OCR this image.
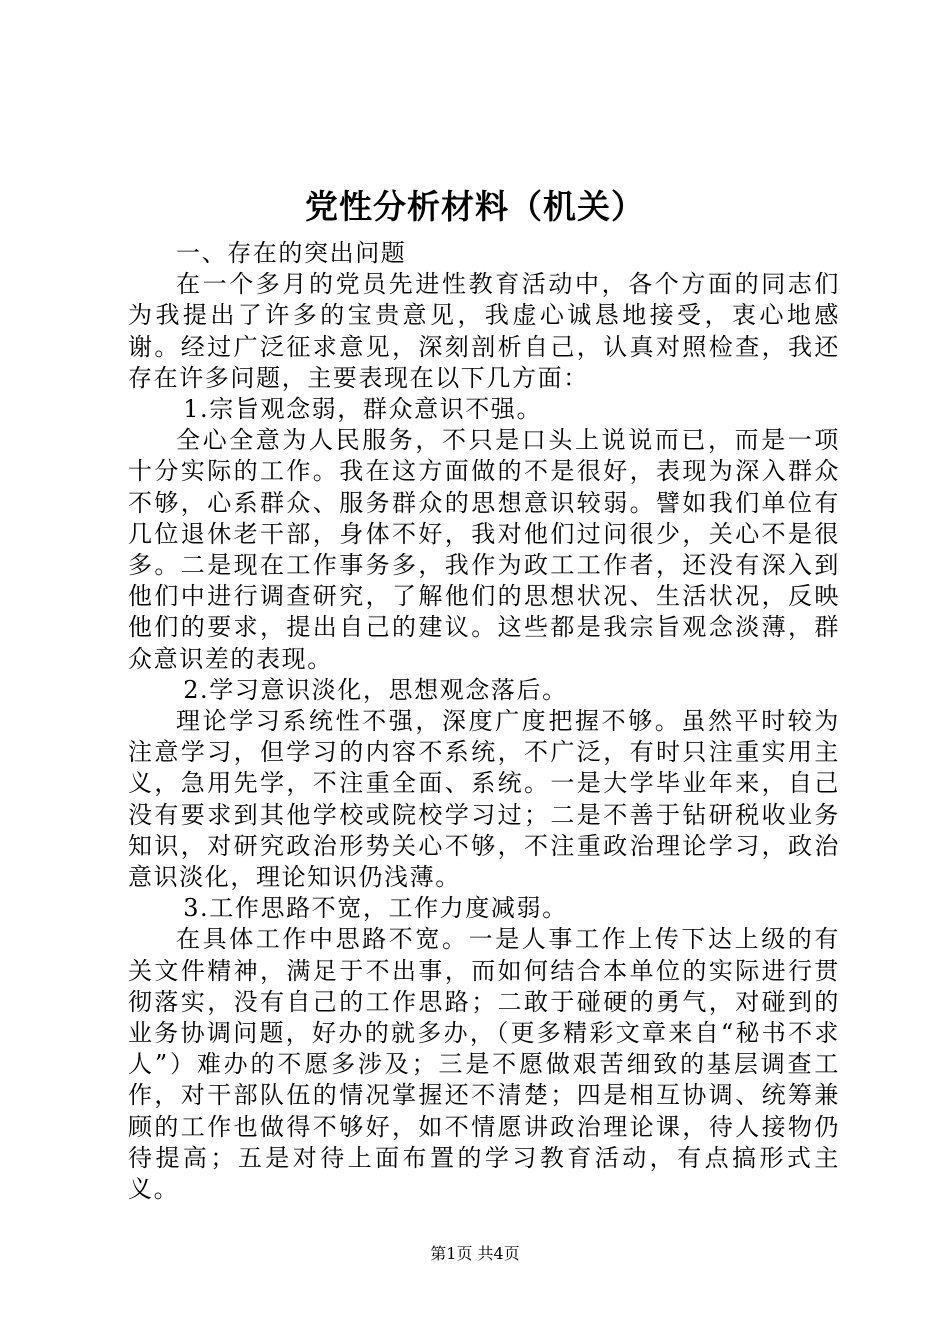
党性分析材料（机关）

一、存在的突出问题

在一个多月的党员先进性教育活动中，各个方面的同志们为我提出了许多的宝贵意见，我虚心诚恳地接受，衷心地感谢。经过广泛征求意见，深刻剖析自己，认真对照检查，我还存在许多问题，主要表现在以下几方面：

1.宗旨观念弱，群众意识不强。

全心全意为人民服务，不只是口头上说说而已，而是一项十分实际的工作。我在这方面做的不是很好，表现为深入群众不够，心系群众、服务群众的思想意识较弱。譬如我们单位有几位退休老干部，身体不好，我对他们过问很少，关心不是很多。二是现在工作事务多，我作为政工工作者，还没有深入到他们中进行调查研究，了解他们的思想状况、生活状况，反映他们的要求，提出自己的建议。这些都是我宗旨观念淡薄，群众意识差的表现。

2.学习意识淡化，思想观念落后。

理论学习系统性不强，深度广度把握不够。虽然平时较为注意学习，但学习的内容不系统，不广泛，有时只注重实用主义，急用先学，不注重全面、系统。一是大学毕业年来，自己没有要求到其他学校或院校学习过；二是不善于钻研税收业务知识，对研究政治形势关心不够，不注重政治理论学习，政治意识淡化，理论知识仍浅薄。

3.工作思路不宽，工作力度减弱。

在具体工作中思路不宽。一是人事工作上传下达上级的有关文件精神，满足于不出事，而如何结合本单位的实际进行贯彻落实，没有自己的工作思路；二敢于碰硬的勇气，对碰到的业务协调问题，好办的就多办，（更多精彩文章来自“秘书不求人”）难办的不愿多涉及；三是不愿做艰苦细致的基层调查工作，对干部队伍的情况掌握还不清楚；四是相互协调、统筹兼顾的工作也做得不够好，如不情愿讲政治理论课，待人接物仍待提高；五是对待上面布置的学习教育活动，有点搞形式主义。

第1页 共4页
